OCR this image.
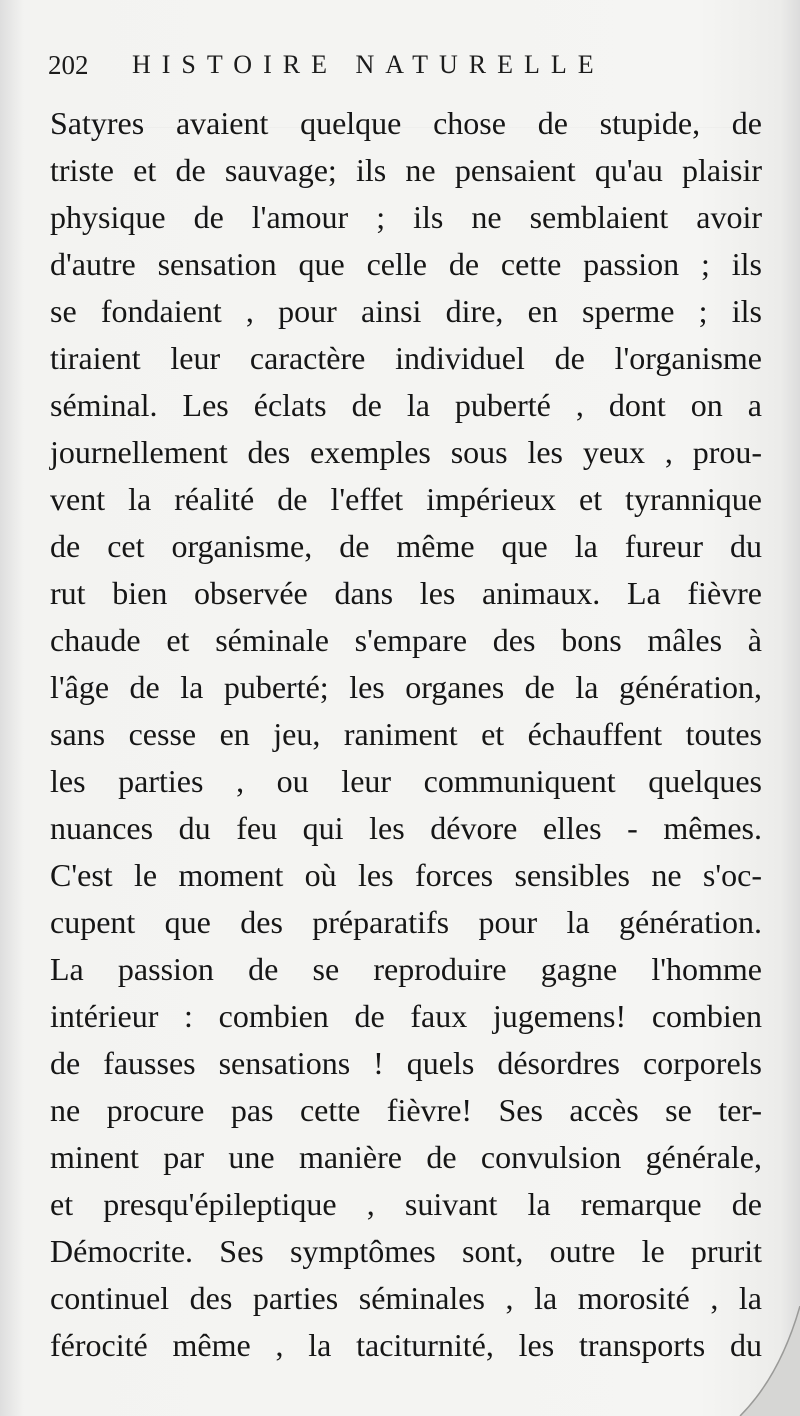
202 HISTOIRE NATURELLE
Satyres avaient quelque chose de stupide, de
triste et de sauvage; ils ne pensaient qu'au plaisir
physique de l'amour ; ils ne semblaient avoir
d'autre sensation que celle de cette passion ; ils
se fondaient , pour ainsi dire, en sperme ; ils
tiraient leur caractère individuel de l'organisme
séminal. Les éclats de la puberté , dont on a
journellement des exemples sous les yeux , prou-
vent la réalité de l'effet impérieux et tyrannique
de cet organisme, de même que la fureur du
rut bien observée dans les animaux. La fièvre
chaude et séminale s'empare des bons mâles à
l'âge de la puberté; les organes de la génération,
sans cesse en jeu, raniment et échauffent toutes
les parties , ou leur communiquent quelques
nuances du feu qui les dévore elles - mêmes.
C'est le moment où les forces sensibles ne s'oc-
cupent que des préparatifs pour la génération.
La passion de se reproduire gagne l'homme
intérieur : combien de faux jugemens! combien
de fausses sensations ! quels désordres corporels
ne procure pas cette fièvre! Ses accès se ter-
minent par une manière de convulsion générale,
et presqu'épileptique , suivant la remarque de
Démocrite. Ses symptômes sont, outre le prurit
continuel des parties séminales , la morosité , la
férocité même , la taciturnité, les transports du
